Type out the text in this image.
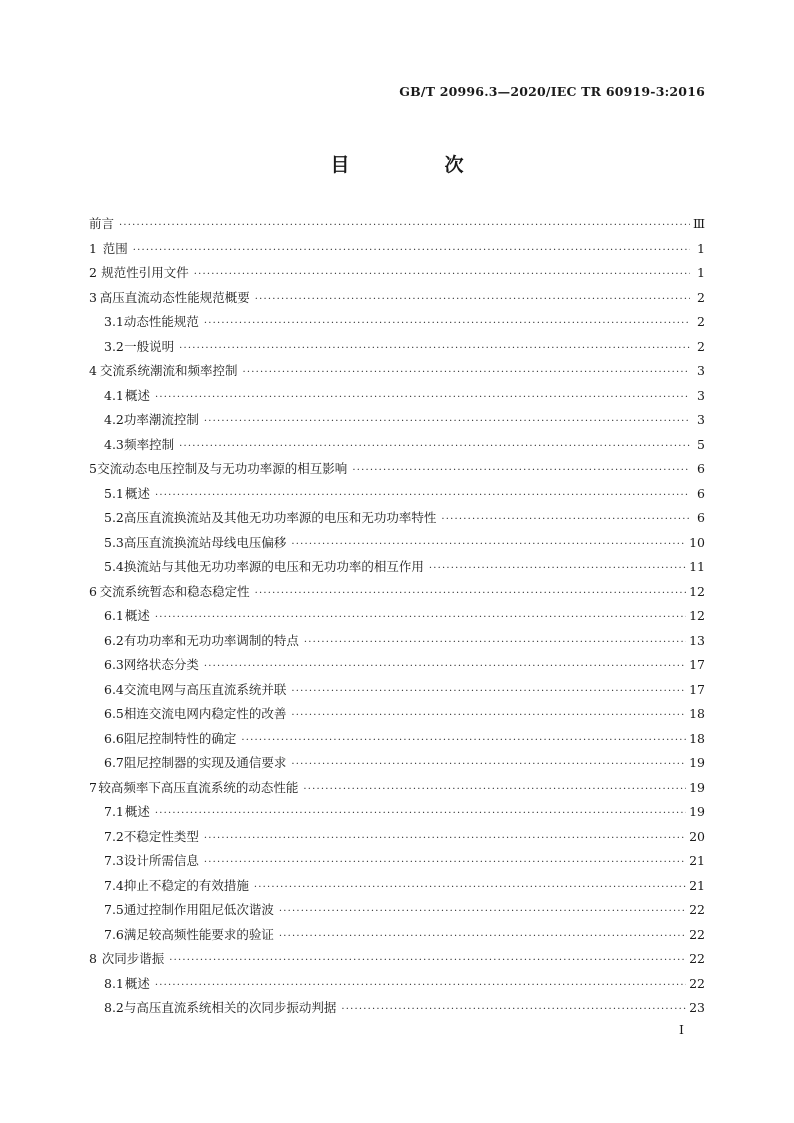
GB/T 20996.3—2020/IEC TR 60919-3:2016
目　次
前言 ·····	Ⅲ
1 范围 ·····	1
2 规范性引用文件 ·····	1
3 高压直流动态性能规范概要 ·····	2
3.1 动态性能规范 ·····	2
3.2 一般说明 ·····	2
4 交流系统潮流和频率控制 ·····	3
4.1 概述 ·····	3
4.2 功率潮流控制 ·····	3
4.3 频率控制 ·····	5
5 交流动态电压控制及与无功功率源的相互影响 ·····	6
5.1 概述 ·····	6
5.2 高压直流换流站及其他无功功率源的电压和无功功率特性 ·····	6
5.3 高压直流换流站母线电压偏移 ·····	10
5.4 换流站与其他无功功率源的电压和无功功率的相互作用 ·····	11
6 交流系统暂态和稳态稳定性 ·····	12
6.1 概述 ·····	12
6.2 有功功率和无功功率调制的特点 ·····	13
6.3 网络状态分类 ·····	17
6.4 交流电网与高压直流系统并联 ·····	17
6.5 相连交流电网内稳定性的改善 ·····	18
6.6 阻尼控制特性的确定 ·····	18
6.7 阻尼控制器的实现及通信要求 ·····	19
7 较高频率下高压直流系统的动态性能 ·····	19
7.1 概述 ·····	19
7.2 不稳定性类型 ·····	20
7.3 设计所需信息 ·····	21
7.4 抑止不稳定的有效措施 ·····	21
7.5 通过控制作用阻尼低次谐波 ·····	22
7.6 满足较高频性能要求的验证 ·····	22
8 次同步谐振 ·····	22
8.1 概述 ·····	22
8.2 与高压直流系统相关的次同步振动判据 ·····	23
I
